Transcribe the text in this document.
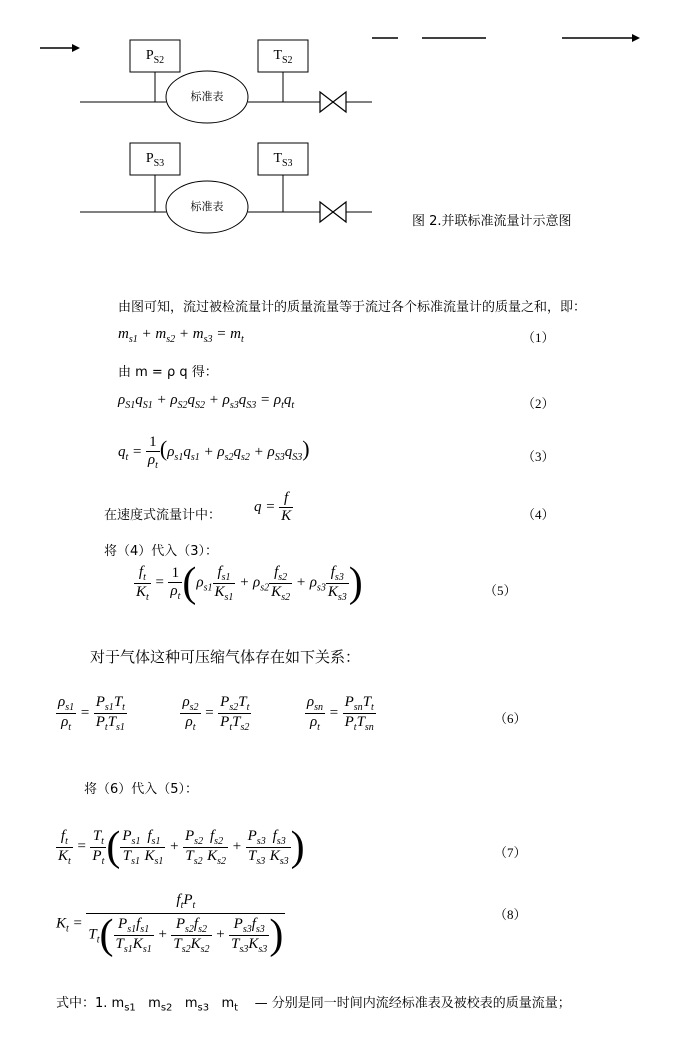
$P_{S2}$	$T_{S2}$
标准表
$P_{S3}$	$T_{S3}$
标准表
图 2.并联标准流量计示意图
由图可知，流过被检流量计的质量流量等于流过各个标准流量计的质量之和，即：
$m_{s1} + m_{s2} + m_{s3} = m_t$	（1）
由 m = ρ q 得：
$\rho_{S1}q_{S1} + \rho_{S2}q_{S2} + \rho_{s3}q_{S3} = \rho_tq_t$	（2）
$q_t = \frac{1}{\rho_t} (\rho_{s1}q_{s1} + \rho_{s2}q_{s2} + \rho_{S3}q_{S3})$	（3）
在速度式流量计中：
$q = \frac{f}{K}$	（4）
将（4）代入（3）：
$\frac{f_t}{K_t} = \frac{1}{\rho_t} (\rho_{s1} \frac{f_{s1}}{K_{s1}} + \rho_{s2} \frac{f_{s2}}{K_{s2}} + \rho_{s3} \frac{f_{s3}}{K_{s3}}$ )	（5）
对于气体这种可压缩气体存在如下关系：
$\frac{\rho_{s1}}{\rho_t} = \frac{P_{s1}T_t}{P_tT_{s1}}$
	$\frac{\rho_{s2}}{\rho_t} = \frac{P_{s2}T_t}{P_tT_{s2}}$
	$\frac{\rho_{sn}}{\rho_t} = \frac{P_{sn}T_t}{P_tT_{sn}}$	（6）
将（6）代入（5）：
$\frac{f_t}{K_t} = \frac{T_t}{P_t}$ ( $\frac{P_{s1}}{T_{s1}} \frac{f_{s1}}{K_{s1}} + \frac{P_{s2}}{T_{s2}} \frac{f_{s2}}{K_{s2}} + \frac{P_{s3}}{T_{s3}} \frac{f_{s3}}{K_{s3}}$ )	（7）
$K_t = \frac{f_tP_t}{T_t( \frac{P_{s1}f_{s1}}{T_{s1}K_{s1}} + \frac{P_{s2}f_{s2}}{T_{s2}K_{s2}} + \frac{P_{s3}f_{s3}}{T_{s3}K_{s3}} )}$	（8）
式中：1. $m_{s1}$   $m_{s2}$   $m_{s3}$   $m_t$ — 分别是同一时间内流经标准表及被校表的质量流量；
